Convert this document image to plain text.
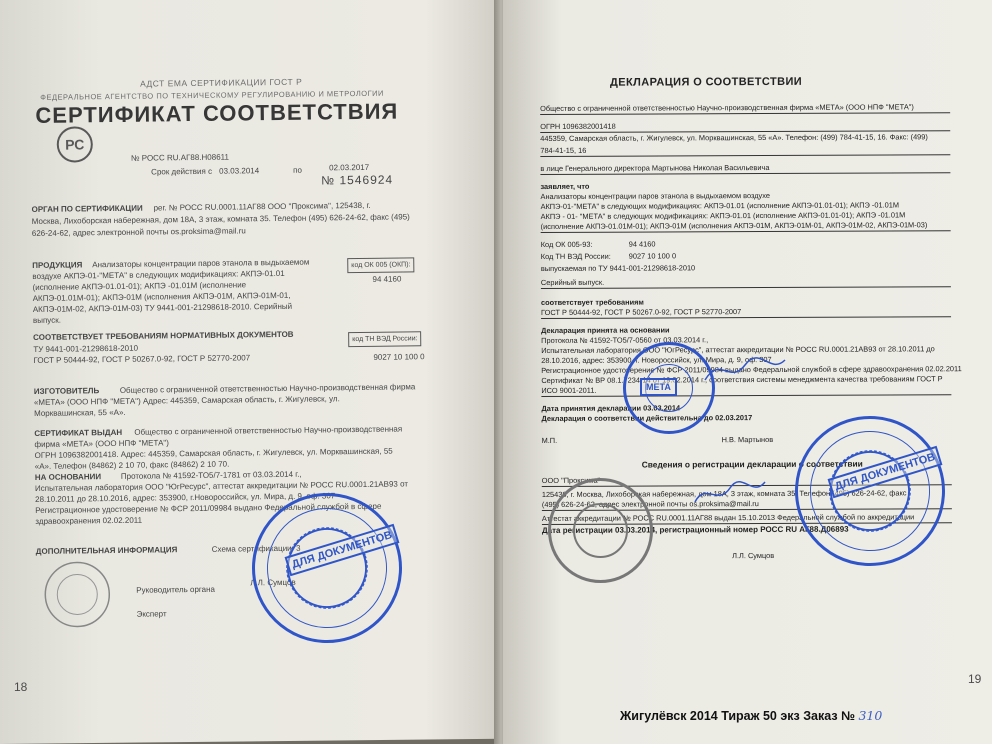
АДСТ ЕМА СЕРТИФИКАЦИИ ГОСТ Р
ФЕДЕРАЛЬНОЕ АГЕНТСТВО ПО ТЕХНИЧЕСКОМУ РЕГУЛИРОВАНИЮ И МЕТРОЛОГИИ
РС
СЕРТИФИКАТ СООТВЕТСТВИЯ
№ РОСС RU.АГ88.Н08611
Срок действия с 03.03.2014	по	02.03.2017
№ 1546924
ОРГАН ПО СЕРТИФИКАЦИИ рег. № РОСС RU.0001.11АГ88 ООО "Проксима", 125438, г.
Москва, Лихоборская набережная, дом 18А, 3 этаж, комната 35. Телефон (495) 626-24-62, факс (495)
626-24-62, адрес электронной почты os.proksima@mail.ru
ПРОДУКЦИЯ Анализаторы концентрации паров этанола в выдыхаемом
воздухе АКПЭ-01-"МЕТА" в следующих модификациях: АКПЭ-01.01
(исполнение АКПЭ-01.01-01); АКПЭ -01.01М (исполнение
АКПЭ-01.01М-01); АКПЭ-01М (исполнения АКПЭ-01М, АКПЭ-01М-01,
АКПЭ-01М-02, АКПЭ-01М-03) ТУ 9441-001-21298618-2010. Серийный
выпуск.
код ОК 005 (ОКП):
94 4160
СООТВЕТСТВУЕТ ТРЕБОВАНИЯМ НОРМАТИВНЫХ ДОКУМЕНТОВ
ТУ 9441-001-21298618-2010
ГОСТ Р 50444-92, ГОСТ Р 50267.0-92, ГОСТ Р 52770-2007
код ТН ВЭД России:
9027 10 100 0
ИЗГОТОВИТЕЛЬ	Общество с ограниченной ответственностью Научно-производственная фирма
«МЕТА» (ООО НПФ "МЕТА") Адрес: 445359, Самарская область, г. Жигулевск, ул.
Морквашинская, 55 «А».
СЕРТИФИКАТ ВЫДАН Общество с ограниченной ответственностью Научно-производственная
фирма «МЕТА» (ООО НПФ "МЕТА")
ОГРН 1096382001418. Адрес: 445359, Самарская область, г. Жигулевск, ул. Морквашинская, 55
«А». Телефон (84862) 2 10 70, факс (84862) 2 10 70.
НА ОСНОВАНИИ Протокола № 41592-ТО5/7-1781 от 03.03.2014 г.,
Испытательная лаборатория ООО "ЮгРесурс", аттестат аккредитации № РОСС RU.0001.21АВ93 от
28.10.2011 до 28.10.2016, адрес: 353900, г.Новороссийск, ул. Мира, д. 9, оф. 307
Регистрационное удостоверение № ФСР 2011/09984 выдано Федеральной службой в сфере
здравоохранения 02.02.2011
ДОПОЛНИТЕЛЬНАЯ ИНФОРМАЦИЯ	Схема сертификации: 3
Руководитель органа
Л.Л. Сумцов
Эксперт
ДЛЯ ДОКУМЕНТОВ
ДЕКЛАРАЦИЯ О СООТВЕТСТВИИ
Общество с ограниченной ответственностью Научно-производственная фирма «МЕТА» (ООО НПФ "МЕТА")
ОГРН 1096382001418
445359, Самарская область, г. Жигулевск, ул. Морквашинская, 55 «А». Телефон: (499) 784-41-15, 16. Факс: (499)
784-41-15, 16
в лице Генерального директора Мартынова Николая Васильевича
заявляет, что
Анализаторы концентрации паров этанола в выдыхаемом воздухе
АКПЭ-01-"МЕТА" в следующих модификациях: АКПЭ-01.01 (исполнение АКПЭ-01.01-01); АКПЭ -01.01М
АКПЭ - 01- "МЕТА" в следующих модификациях: АКПЭ-01.01 (исполнение АКПЭ-01.01-01); АКПЭ -01.01М
(исполнение АКПЭ-01.01М-01); АКПЭ-01М (исполнения АКПЭ-01М, АКПЭ-01М-01, АКПЭ-01М-02, АКПЭ-01М-03)
Код ОК 005-93:	94 4160
Код ТН ВЭД России: 9027 10 100 0
выпускаемая по ТУ 9441-001-21298618-2010
Серийный выпуск.
соответствует требованиям
ГОСТ Р 50444-92, ГОСТ Р 50267.0-92, ГОСТ Р 52770-2007
Декларация принята на основании
Протокола № 41592-ТО5/7-0560 от 03.03.2014 г.,
Испытательная лаборатория ООО "ЮгРесурс", аттестат аккредитации № РОСС RU.0001.21АВ93 от 28.10.2011 до
28.10.2016, адрес: 353900, г. Новороссийск, ул. Мира, д. 9, оф. 307
Регистрационное удостоверение № ФСР 2011/09984 выдано Федеральной службой в сфере здравоохранения 02.02.2011
Сертификат № ВР 08.1.7234-14 от 19.02.2014 г., соответствия системы менеджмента качества требованиям ГОСТ Р
ИСО 9001-2011.
Дата принятия декларации 03.03.2014
Декларация о соответствии действительна до 02.03.2017
М.П.	Н.В. Мартынов
Сведения о регистрации декларации о соответствии
ООО "Проксима"
125438, г. Москва, Лихоборская набережная, дом 18А, 3 этаж, комната 35. Телефон (495) 626-24-62, факс
(495) 626-24-62, адрес электронной почты os.proksima@mail.ru
Аттестат аккредитации № РОСС RU.0001.11АГ88 выдан 15.10.2013 Федеральной службой по аккредитации
Дата регистрации 03.03.2014, регистрационный номер РОСС RU АГ88.Д06893
Л.Л. Сумцов
МЕТА
ДЛЯ ДОКУМЕНТОВ
18
19
Жигулёвск 2014 Тираж 50 экз Заказ № 310
